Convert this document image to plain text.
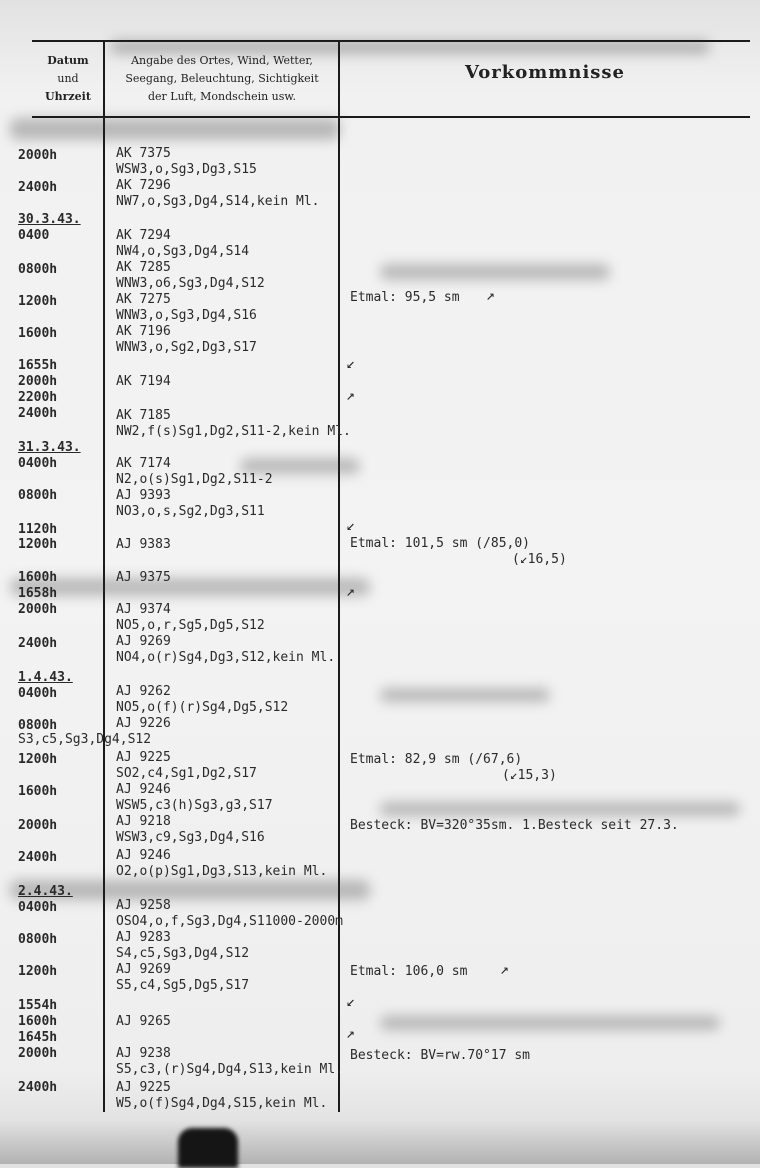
Datum
und
Uhrzeit
Angabe des Ortes, Wind, Wetter,
Seegang, Beleuchtung, Sichtigkeit
der Luft, Mondschein usw.
Vorkommnisse
2000h
2400h
30.3.43.
0400
0800h
1200h
1600h
1655h
2000h
2200h
2400h
31.3.43.
0400h
0800h
1120h
1200h
1600h
1658h
2000h
2400h
1.4.43.
0400h
0800h
1200h
1600h
2000h
2400h
2.4.43.
0400h
0800h
1200h
1554h
1600h
1645h
2000h
2400h
AK 7375
WSW3,o,Sg3,Dg3,S15
AK 7296
NW7,o,Sg3,Dg4,S14,kein Ml.
AK 7294
NW4,o,Sg3,Dg4,S14
AK 7285
WNW3,o6,Sg3,Dg4,S12
AK 7275
WNW3,o,Sg3,Dg4,S16
AK 7196
WNW3,o,Sg2,Dg3,S17
AK 7194
AK 7185
NW2,f(s)Sg1,Dg2,S11-2,kein Ml.
AK 7174
N2,o(s)Sg1,Dg2,S11-2
AJ 9393
NO3,o,s,Sg2,Dg3,S11
AJ 9383
AJ 9375
AJ 9374
NO5,o,r,Sg5,Dg5,S12
AJ 9269
NO4,o(r)Sg4,Dg3,S12,kein Ml.
AJ 9262
NO5,o(f)(r)Sg4,Dg5,S12
AJ 9226
S3,c5,Sg3,Dg4,S12
AJ 9225
SO2,c4,Sg1,Dg2,S17
AJ 9246
WSW5,c3(h)Sg3,g3,S17
AJ 9218
WSW3,c9,Sg3,Dg4,S16
AJ 9246
O2,o(p)Sg1,Dg3,S13,kein Ml.
AJ 9258
OSO4,o,f,Sg3,Dg4,S11000-2000m
AJ 9283
S4,c5,Sg3,Dg4,S12
AJ 9269
S5,c4,Sg5,Dg5,S17
AJ 9265
AJ 9238
S5,c3,(r)Sg4,Dg4,S13,kein Ml.
AJ 9225
W5,o(f)Sg4,Dg4,S15,kein Ml.
Etmal: 95,5 sm ↗
↙
↗
↙
Etmal: 101,5 sm (/85,0)
(↙16,5)
↗
Etmal: 82,9 sm (/67,6)
(↙15,3)
Besteck: BV=320°35sm. 1.Besteck seit 27.3.
Etmal: 106,0 sm ↗
↙
↗
Besteck: BV=rw.70°17 sm
